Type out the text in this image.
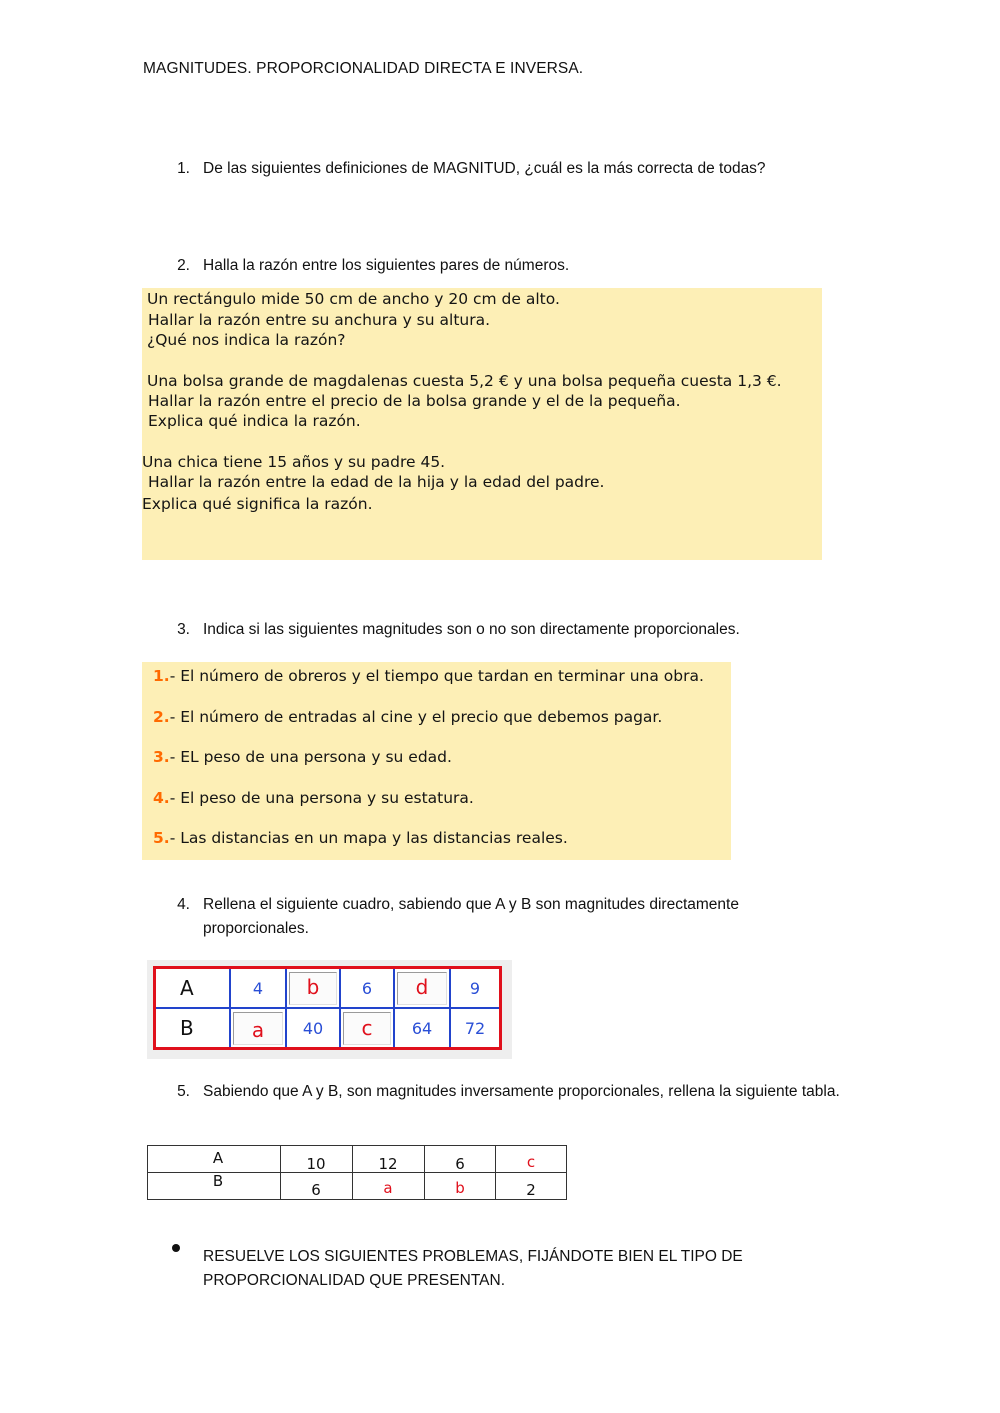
MAGNITUDES. PROPORCIONALIDAD DIRECTA E INVERSA.
1. De las siguientes definiciones de MAGNITUD, ¿cuál es la más correcta de todas?
2. Halla la razón entre los siguientes pares de números.

Un rectángulo mide 50 cm de ancho y 20 cm de alto.

Hallar la razón entre su anchura y su altura.

¿Qué nos indica la razón?

Una bolsa grande de magdalenas cuesta 5,2 € y una bolsa pequeña cuesta 1,3 €.

Hallar la razón entre el precio de la bolsa grande y el de la pequeña.

Explica qué indica la razón.

Una chica tiene 15 años y su padre 45.

Hallar la razón entre la edad de la hija y la edad del padre.

Explica qué significa la razón.

3. Indica si las siguientes magnitudes son o no son directamente proporcionales.

1.- El número de obreros y el tiempo que tardan en terminar una obra.

2.- El número de entradas al cine y el precio que debemos pagar.

3.- EL peso de una persona y su edad.

4.- El peso de una persona y su estatura.

5.- Las distancias en un mapa y las distancias reales.

4. Rellena el siguiente cuadro, sabiendo que A y B son magnitudes directamente proporcionales.
A	4	b	6	d	9
B	a	40	c	64	72
5. Sabiendo que A y B, son magnitudes inversamente proporcionales, rellena la siguiente tabla.
A	10	12	6	c
B	6	a	b	2
RESUELVE LOS SIGUIENTES PROBLEMAS, FIJÁNDOTE BIEN EL TIPO DE PROPORCIONALIDAD QUE PRESENTAN.
